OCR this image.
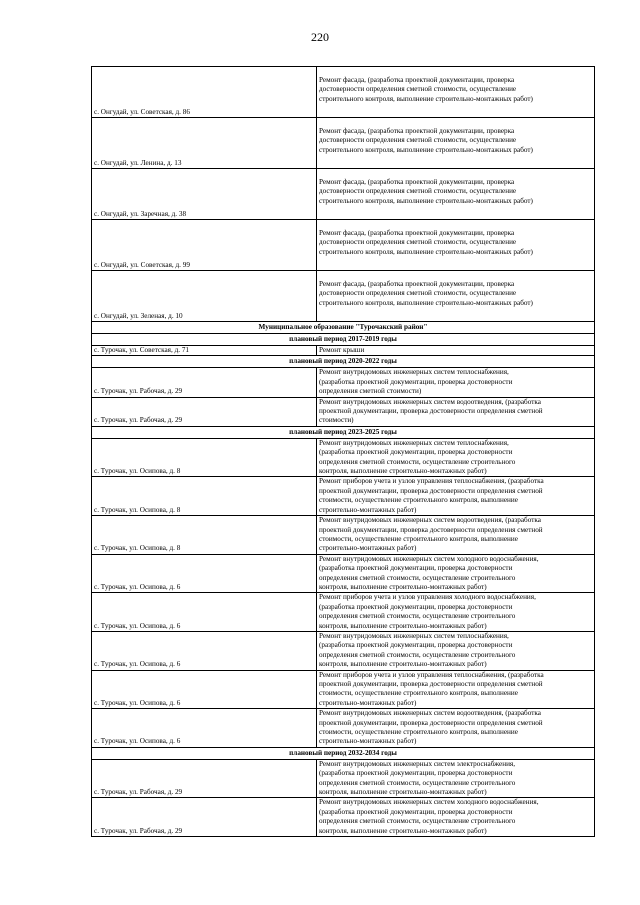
220
с. Онгудай, ул. Советская, д. 86	Ремонт фасада, (разработка проектной документации, проверка
достоверности определения сметной стоимости, осуществление
строительного контроля, выполнение строительно-монтажных работ)

с. Онгудай, ул. Ленина, д. 13	Ремонт фасада, (разработка проектной документации, проверка
достоверности определения сметной стоимости, осуществление
строительного контроля, выполнение строительно-монтажных работ)

с. Онгудай, ул. Заречная, д. 38	Ремонт фасада, (разработка проектной документации, проверка
достоверности определения сметной стоимости, осуществление
строительного контроля, выполнение строительно-монтажных работ)

с. Онгудай, ул. Советская, д. 99	Ремонт фасада, (разработка проектной документации, проверка
достоверности определения сметной стоимости, осуществление
строительного контроля, выполнение строительно-монтажных работ)

с. Онгудай, ул. Зеленая, д. 10	Ремонт фасада, (разработка проектной документации, проверка
достоверности определения сметной стоимости, осуществление
строительного контроля, выполнение строительно-монтажных работ)

Муниципальное образование "Турочакский район"	
плановый период 2017-2019 годы	
с. Турочак, ул. Советская, д. 71	Ремонт крыши

плановый период 2020-2022 годы	
с. Турочак, ул. Рабочая, д. 29	Ремонт внутридомовых инженерных систем теплоснабжения,
(разработка проектной документации, проверка достоверности
определения сметной стоимости)

с. Турочак, ул. Рабочая, д. 29	Ремонт внутридомовых инженерных систем водоотведения, (разработка
проектной документации, проверка достоверности определения сметной
стоимости)

плановый период 2023-2025 годы	
с. Турочак, ул. Осипова, д. 8	Ремонт внутридомовых инженерных систем теплоснабжения,
(разработка проектной документации, проверка достоверности
определения сметной стоимости, осуществление строительного
контроля, выполнение строительно-монтажных работ)

с. Турочак, ул. Осипова, д. 8	Ремонт приборов учета и узлов управления теплоснабжения, (разработка
проектной документации, проверка достоверности определения сметной
стоимости, осуществление строительного контроля, выполнение
строительно-монтажных работ)

с. Турочак, ул. Осипова, д. 8	Ремонт внутридомовых инженерных систем водоотведения, (разработка
проектной документации, проверка достоверности определения сметной
стоимости, осуществление строительного контроля, выполнение
строительно-монтажных работ)

с. Турочак, ул. Осипова, д. 6	Ремонт внутридомовых инженерных систем холодного водоснабжения,
(разработка проектной документации, проверка достоверности
определения сметной стоимости, осуществление строительного
контроля, выполнение строительно-монтажных работ)

с. Турочак, ул. Осипова, д. 6	Ремонт приборов учета и узлов управления холодного водоснабжения,
(разработка проектной документации, проверка достоверности
определения сметной стоимости, осуществление строительного
контроля, выполнение строительно-монтажных работ)

с. Турочак, ул. Осипова, д. 6	Ремонт внутридомовых инженерных систем теплоснабжения,
(разработка проектной документации, проверка достоверности
определения сметной стоимости, осуществление строительного
контроля, выполнение строительно-монтажных работ)

с. Турочак, ул. Осипова, д. 6	Ремонт приборов учета и узлов управления теплоснабжения, (разработка
проектной документации, проверка достоверности определения сметной
стоимости, осуществление строительного контроля, выполнение
строительно-монтажных работ)

с. Турочак, ул. Осипова, д. 6	Ремонт внутридомовых инженерных систем водоотведения, (разработка
проектной документации, проверка достоверности определения сметной
стоимости, осуществление строительного контроля, выполнение
строительно-монтажных работ)

плановый период 2032-2034 годы	
с. Турочак, ул. Рабочая, д. 29	Ремонт внутридомовых инженерных систем электроснабжения,
(разработка проектной документации, проверка достоверности
определения сметной стоимости, осуществление строительного
контроля, выполнение строительно-монтажных работ)

с. Турочак, ул. Рабочая, д. 29	Ремонт внутридомовых инженерных систем холодного водоснабжения,
(разработка проектной документации, проверка достоверности
определения сметной стоимости, осуществление строительного
контроля, выполнение строительно-монтажных работ)
